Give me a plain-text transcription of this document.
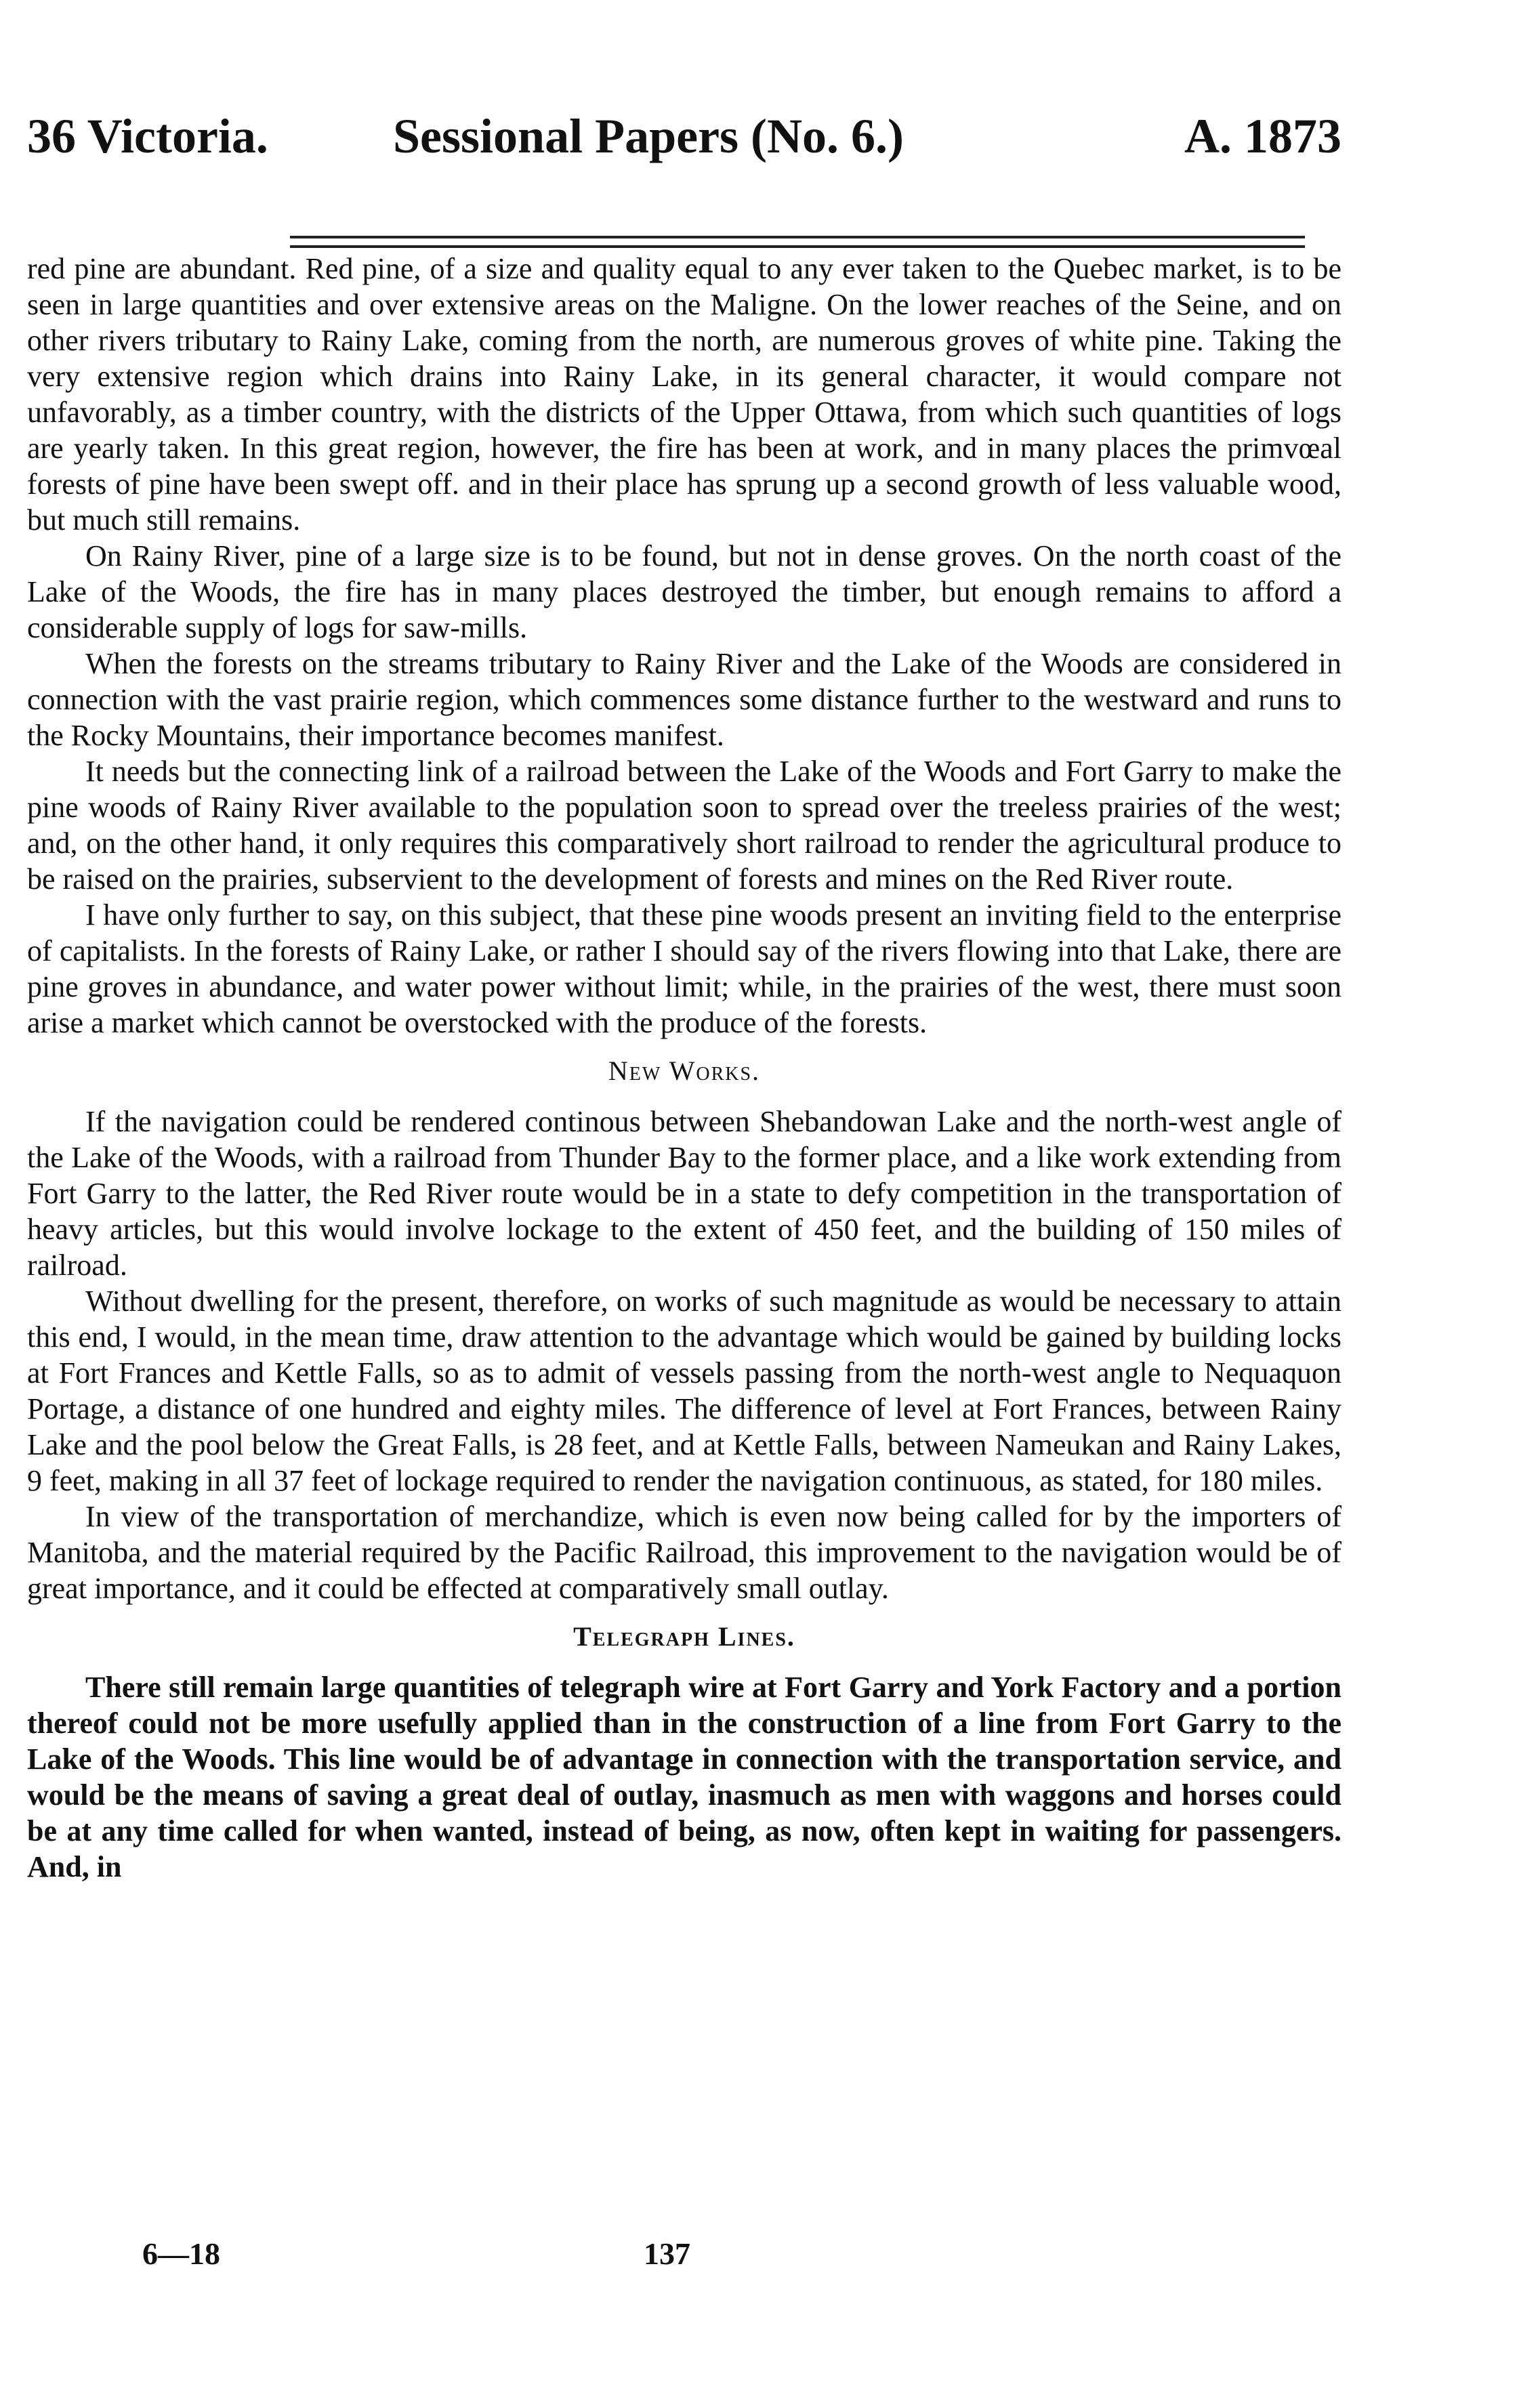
36 Victoria.	Sessional Papers (No. 6.)	A. 1873

red pine are abundant. Red pine, of a size and quality equal to any ever taken to the Quebec market, is to be seen in large quantities and over extensive areas on the Maligne. On the lower reaches of the Seine, and on other rivers tributary to Rainy Lake, coming from the north, are numerous groves of white pine. Taking the very extensive region which drains into Rainy Lake, in its general character, it would compare not unfavorably, as a timber country, with the districts of the Upper Ottawa, from which such quantities of logs are yearly taken. In this great region, however, the fire has been at work, and in many places the primvœal forests of pine have been swept off. and in their place has sprung up a second growth of less valuable wood, but much still remains.

On Rainy River, pine of a large size is to be found, but not in dense groves. On the north coast of the Lake of the Woods, the fire has in many places destroyed the timber, but enough remains to afford a considerable supply of logs for saw-mills.

When the forests on the streams tributary to Rainy River and the Lake of the Woods are considered in connection with the vast prairie region, which commences some distance further to the westward and runs to the Rocky Mountains, their importance becomes manifest.

It needs but the connecting link of a railroad between the Lake of the Woods and Fort Garry to make the pine woods of Rainy River available to the population soon to spread over the treeless prairies of the west; and, on the other hand, it only requires this comparatively short railroad to render the agricultural produce to be raised on the prairies, subservient to the development of forests and mines on the Red River route.

I have only further to say, on this subject, that these pine woods present an inviting field to the enterprise of capitalists. In the forests of Rainy Lake, or rather I should say of the rivers flowing into that Lake, there are pine groves in abundance, and water power without limit; while, in the prairies of the west, there must soon arise a market which cannot be overstocked with the produce of the forests.

New Works.

If the navigation could be rendered continous between Shebandowan Lake and the north-west angle of the Lake of the Woods, with a railroad from Thunder Bay to the former place, and a like work extending from Fort Garry to the latter, the Red River route would be in a state to defy competition in the transportation of heavy articles, but this would involve lockage to the extent of 450 feet, and the building of 150 miles of railroad.

Without dwelling for the present, therefore, on works of such magnitude as would be necessary to attain this end, I would, in the mean time, draw attention to the advantage which would be gained by building locks at Fort Frances and Kettle Falls, so as to admit of vessels passing from the north-west angle to Nequaquon Portage, a distance of one hundred and eighty miles. The difference of level at Fort Frances, between Rainy Lake and the pool below the Great Falls, is 28 feet, and at Kettle Falls, between Nameukan and Rainy Lakes, 9 feet, making in all 37 feet of lockage required to render the navigation continuous, as stated, for 180 miles.

In view of the transportation of merchandize, which is even now being called for by the importers of Manitoba, and the material required by the Pacific Railroad, this improvement to the navigation would be of great importance, and it could be effected at comparatively small outlay.

Telegraph Lines.

There still remain large quantities of telegraph wire at Fort Garry and York Factory and a portion thereof could not be more usefully applied than in the construction of a line from Fort Garry to the Lake of the Woods. This line would be of advantage in connection with the transportation service, and would be the means of saving a great deal of outlay, inasmuch as men with waggons and horses could be at any time called for when wanted, instead of being, as now, often kept in waiting for passengers. And, in

6—18	137
